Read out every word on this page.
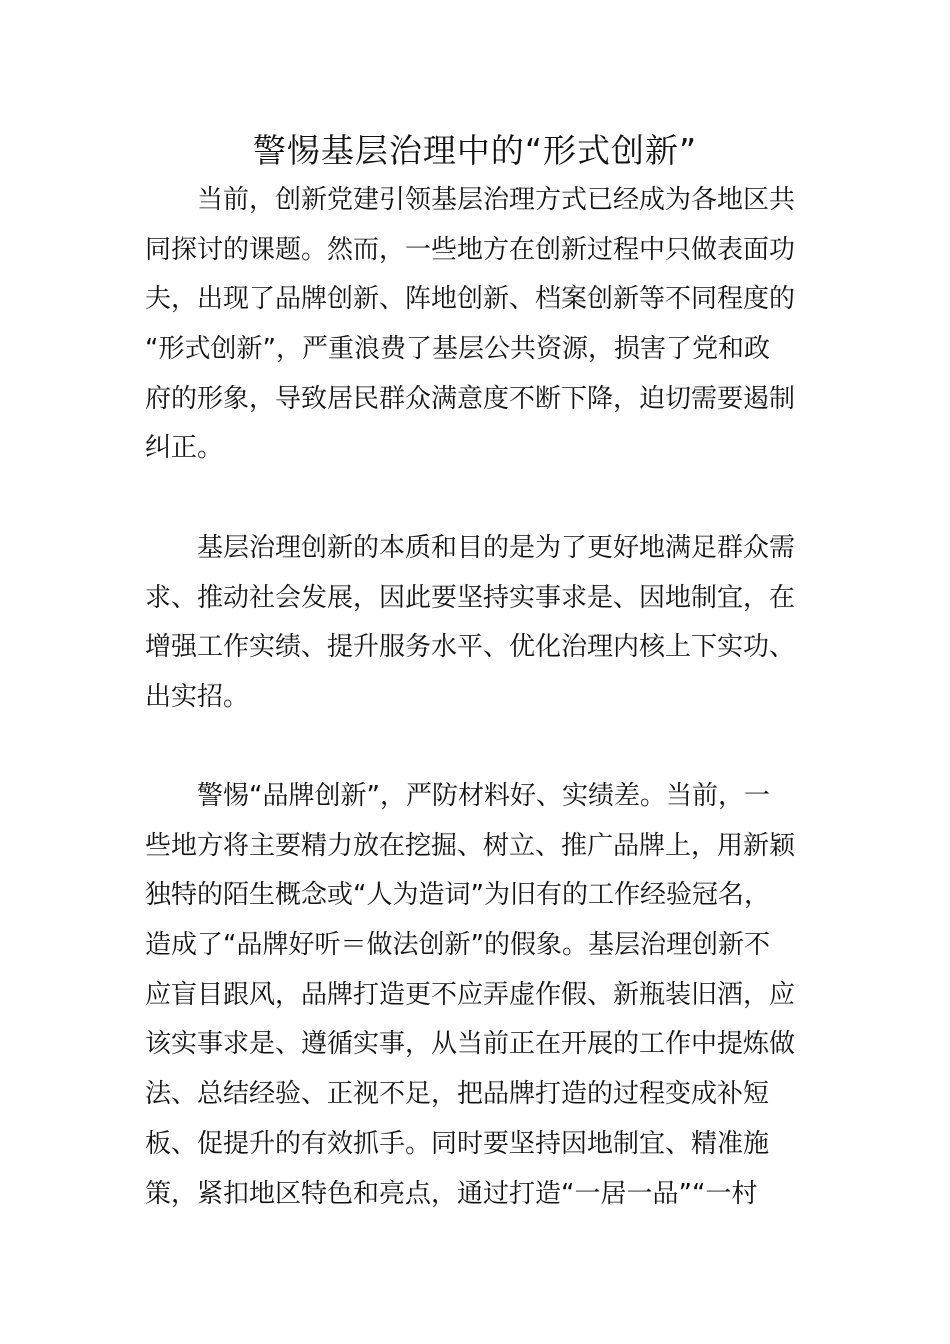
警惕基层治理中的“形式创新”

当前，创新党建引领基层治理方式已经成为各地区共
同探讨的课题。然而，一些地方在创新过程中只做表面功
夫，出现了品牌创新、阵地创新、档案创新等不同程度的
“形式创新”，严重浪费了基层公共资源，损害了党和政
府的形象，导致居民群众满意度不断下降，迫切需要遏制
纠正。

基层治理创新的本质和目的是为了更好地满足群众需
求、推动社会发展，因此要坚持实事求是、因地制宜，在
增强工作实绩、提升服务水平、优化治理内核上下实功、
出实招。

警惕“品牌创新”，严防材料好、实绩差。当前，一
些地方将主要精力放在挖掘、树立、推广品牌上，用新颖
独特的陌生概念或“人为造词”为旧有的工作经验冠名，
造成了“品牌好听＝做法创新”的假象。基层治理创新不
应盲目跟风，品牌打造更不应弄虚作假、新瓶装旧酒，应
该实事求是、遵循实事，从当前正在开展的工作中提炼做
法、总结经验、正视不足，把品牌打造的过程变成补短
板、促提升的有效抓手。同时要坚持因地制宜、精准施
策，紧扣地区特色和亮点，通过打造“一居一品”“一村
